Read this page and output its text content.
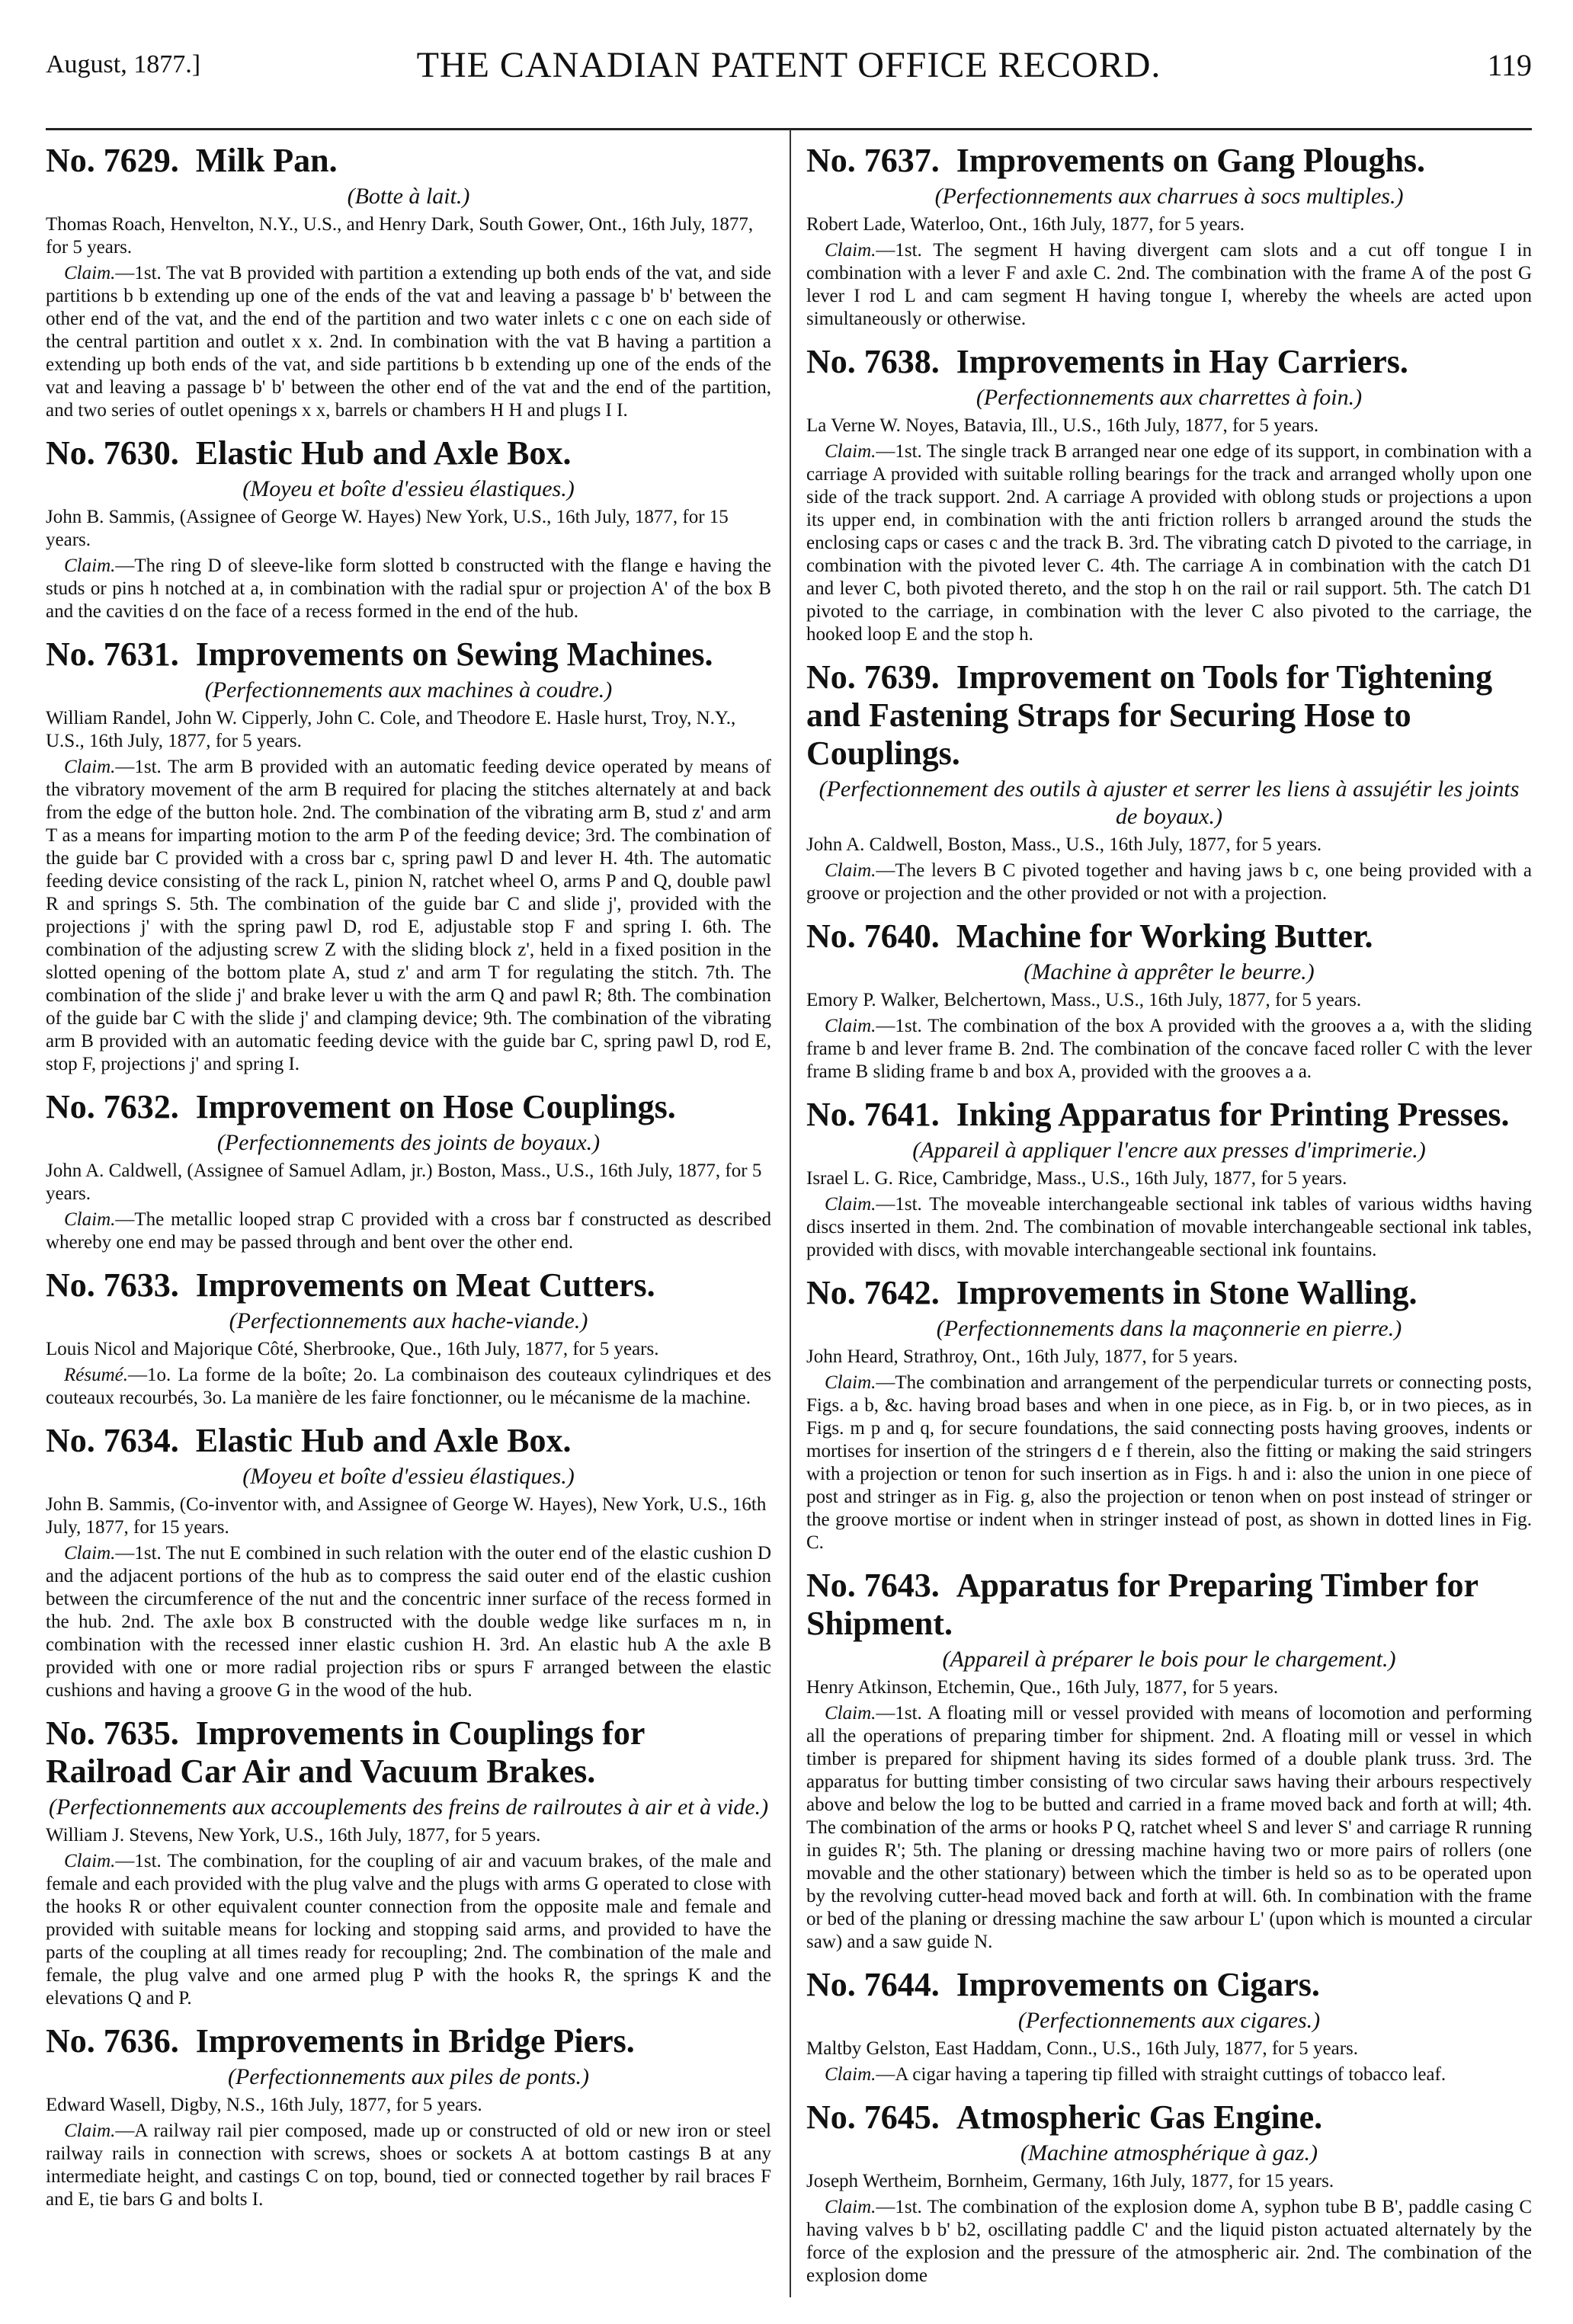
August, 1877.]	THE CANADIAN PATENT OFFICE RECORD.	119
No. 7629. Milk Pan.
(Botte à lait.)
Thomas Roach, Henvelton, N.Y., U.S., and Henry Dark, South Gower, Ont., 16th July, 1877, for 5 years.

Claim.—1st. The vat B provided with partition a extending up both ends of the vat, and side partitions b b extending up one of the ends of the vat and leaving a passage b' b' between the other end of the vat, and the end of the partition and two water inlets c c one on each side of the central partition and outlet x x. 2nd. In combination with the vat B having a partition a extending up both ends of the vat, and side partitions b b extending up one of the ends of the vat and leaving a passage b' b' between the other end of the vat and the end of the partition, and two series of outlet openings x x, barrels or chambers H H and plugs I I.

No. 7630. Elastic Hub and Axle Box.
(Moyeu et boîte d'essieu élastiques.)
John B. Sammis, (Assignee of George W. Hayes) New York, U.S., 16th July, 1877, for 15 years.

Claim.—The ring D of sleeve-like form slotted b constructed with the flange e having the studs or pins h notched at a, in combination with the radial spur or projection A' of the box B and the cavities d on the face of a recess formed in the end of the hub.

No. 7631. Improvements on Sewing Machines.
(Perfectionnements aux machines à coudre.)
William Randel, John W. Cipperly, John C. Cole, and Theodore E. Hasle hurst, Troy, N.Y., U.S., 16th July, 1877, for 5 years.

Claim.—1st. The arm B provided with an automatic feeding device operated by means of the vibratory movement of the arm B required for placing the stitches alternately at and back from the edge of the button hole. 2nd. The combination of the vibrating arm B, stud z' and arm T as a means for imparting motion to the arm P of the feeding device; 3rd. The combination of the guide bar C provided with a cross bar c, spring pawl D and lever H. 4th. The automatic feeding device consisting of the rack L, pinion N, ratchet wheel O, arms P and Q, double pawl R and springs S. 5th. The combination of the guide bar C and slide j', provided with the projections j' with the spring pawl D, rod E, adjustable stop F and spring I. 6th. The combination of the adjusting screw Z with the sliding block z', held in a fixed position in the slotted opening of the bottom plate A, stud z' and arm T for regulating the stitch. 7th. The combination of the slide j' and brake lever u with the arm Q and pawl R; 8th. The combination of the guide bar C with the slide j' and clamping device; 9th. The combination of the vibrating arm B provided with an automatic feeding device with the guide bar C, spring pawl D, rod E, stop F, projections j' and spring I.

No. 7632. Improvement on Hose Couplings.
(Perfectionnements des joints de boyaux.)
John A. Caldwell, (Assignee of Samuel Adlam, jr.) Boston, Mass., U.S., 16th July, 1877, for 5 years.

Claim.—The metallic looped strap C provided with a cross bar f constructed as described whereby one end may be passed through and bent over the other end.

No. 7633. Improvements on Meat Cutters.
(Perfectionnements aux hache-viande.)
Louis Nicol and Majorique Côté, Sherbrooke, Que., 16th July, 1877, for 5 years.

Résumé.—1o. La forme de la boîte; 2o. La combinaison des couteaux cylindriques et des couteaux recourbés, 3o. La manière de les faire fonctionner, ou le mécanisme de la machine.

No. 7634. Elastic Hub and Axle Box.
(Moyeu et boîte d'essieu élastiques.)
John B. Sammis, (Co-inventor with, and Assignee of George W. Hayes), New York, U.S., 16th July, 1877, for 15 years.

Claim.—1st. The nut E combined in such relation with the outer end of the elastic cushion D and the adjacent portions of the hub as to compress the said outer end of the elastic cushion between the circumference of the nut and the concentric inner surface of the recess formed in the hub. 2nd. The axle box B constructed with the double wedge like surfaces m n, in combination with the recessed inner elastic cushion H. 3rd. An elastic hub A the axle B provided with one or more radial projection ribs or spurs F arranged between the elastic cushions and having a groove G in the wood of the hub.

No. 7635. Improvements in Couplings for Railroad Car Air and Vacuum Brakes.
(Perfectionnements aux accouplements des freins de railroutes à air et à vide.)
William J. Stevens, New York, U.S., 16th July, 1877, for 5 years.

Claim.—1st. The combination, for the coupling of air and vacuum brakes, of the male and female and each provided with the plug valve and the plugs with arms G operated to close with the hooks R or other equivalent counter connection from the opposite male and female and provided with suitable means for locking and stopping said arms, and provided to have the parts of the coupling at all times ready for recoupling; 2nd. The combination of the male and female, the plug valve and one armed plug P with the hooks R, the springs K and the elevations Q and P.

No. 7636. Improvements in Bridge Piers.
(Perfectionnements aux piles de ponts.)
Edward Wasell, Digby, N.S., 16th July, 1877, for 5 years.

Claim.—A railway rail pier composed, made up or constructed of old or new iron or steel railway rails in connection with screws, shoes or sockets A at bottom castings B at any intermediate height, and castings C on top, bound, tied or connected together by rail braces F and E, tie bars G and bolts I.

No. 7637. Improvements on Gang Ploughs.
(Perfectionnements aux charrues à socs multiples.)
Robert Lade, Waterloo, Ont., 16th July, 1877, for 5 years.

Claim.—1st. The segment H having divergent cam slots and a cut off tongue I in combination with a lever F and axle C. 2nd. The combination with the frame A of the post G lever I rod L and cam segment H having tongue I, whereby the wheels are acted upon simultaneously or otherwise.

No. 7638. Improvements in Hay Carriers.
(Perfectionnements aux charrettes à foin.)
La Verne W. Noyes, Batavia, Ill., U.S., 16th July, 1877, for 5 years.

Claim.—1st. The single track B arranged near one edge of its support, in combination with a carriage A provided with suitable rolling bearings for the track and arranged wholly upon one side of the track support. 2nd. A carriage A provided with oblong studs or projections a upon its upper end, in combination with the anti friction rollers b arranged around the studs the enclosing caps or cases c and the track B. 3rd. The vibrating catch D pivoted to the carriage, in combination with the pivoted lever C. 4th. The carriage A in combination with the catch D1 and lever C, both pivoted thereto, and the stop h on the rail or rail support. 5th. The catch D1 pivoted to the carriage, in combination with the lever C also pivoted to the carriage, the hooked loop E and the stop h.

No. 7639. Improvement on Tools for Tightening and Fastening Straps for Securing Hose to Couplings.
(Perfectionnement des outils à ajuster et serrer les liens à assujétir les joints de boyaux.)
John A. Caldwell, Boston, Mass., U.S., 16th July, 1877, for 5 years.

Claim.—The levers B C pivoted together and having jaws b c, one being provided with a groove or projection and the other provided or not with a projection.

No. 7640. Machine for Working Butter.
(Machine à apprêter le beurre.)
Emory P. Walker, Belchertown, Mass., U.S., 16th July, 1877, for 5 years.

Claim.—1st. The combination of the box A provided with the grooves a a, with the sliding frame b and lever frame B. 2nd. The combination of the concave faced roller C with the lever frame B sliding frame b and box A, provided with the grooves a a.

No. 7641. Inking Apparatus for Printing Presses.
(Appareil à appliquer l'encre aux presses d'imprimerie.)
Israel L. G. Rice, Cambridge, Mass., U.S., 16th July, 1877, for 5 years.

Claim.—1st. The moveable interchangeable sectional ink tables of various widths having discs inserted in them. 2nd. The combination of movable interchangeable sectional ink tables, provided with discs, with movable interchangeable sectional ink fountains.

No. 7642. Improvements in Stone Walling.
(Perfectionnements dans la maçonnerie en pierre.)
John Heard, Strathroy, Ont., 16th July, 1877, for 5 years.

Claim.—The combination and arrangement of the perpendicular turrets or connecting posts, Figs. a b, &c. having broad bases and when in one piece, as in Fig. b, or in two pieces, as in Figs. m p and q, for secure foundations, the said connecting posts having grooves, indents or mortises for insertion of the stringers d e f therein, also the fitting or making the said stringers with a projection or tenon for such insertion as in Figs. h and i: also the union in one piece of post and stringer as in Fig. g, also the projection or tenon when on post instead of stringer or the groove mortise or indent when in stringer instead of post, as shown in dotted lines in Fig. C.

No. 7643. Apparatus for Preparing Timber for Shipment.
(Appareil à préparer le bois pour le chargement.)
Henry Atkinson, Etchemin, Que., 16th July, 1877, for 5 years.

Claim.—1st. A floating mill or vessel provided with means of locomotion and performing all the operations of preparing timber for shipment. 2nd. A floating mill or vessel in which timber is prepared for shipment having its sides formed of a double plank truss. 3rd. The apparatus for butting timber consisting of two circular saws having their arbours respectively above and below the log to be butted and carried in a frame moved back and forth at will; 4th. The combination of the arms or hooks P Q, ratchet wheel S and lever S' and carriage R running in guides R'; 5th. The planing or dressing machine having two or more pairs of rollers (one movable and the other stationary) between which the timber is held so as to be operated upon by the revolving cutter-head moved back and forth at will. 6th. In combination with the frame or bed of the planing or dressing machine the saw arbour L' (upon which is mounted a circular saw) and a saw guide N.

No. 7644. Improvements on Cigars.
(Perfectionnements aux cigares.)
Maltby Gelston, East Haddam, Conn., U.S., 16th July, 1877, for 5 years.

Claim.—A cigar having a tapering tip filled with straight cuttings of tobacco leaf.

No. 7645. Atmospheric Gas Engine.
(Machine atmosphérique à gaz.)
Joseph Wertheim, Bornheim, Germany, 16th July, 1877, for 15 years.

Claim.—1st. The combination of the explosion dome A, syphon tube B B', paddle casing C having valves b b' b2, oscillating paddle C' and the liquid piston actuated alternately by the force of the explosion and the pressure of the atmospheric air. 2nd. The combination of the explosion dome
